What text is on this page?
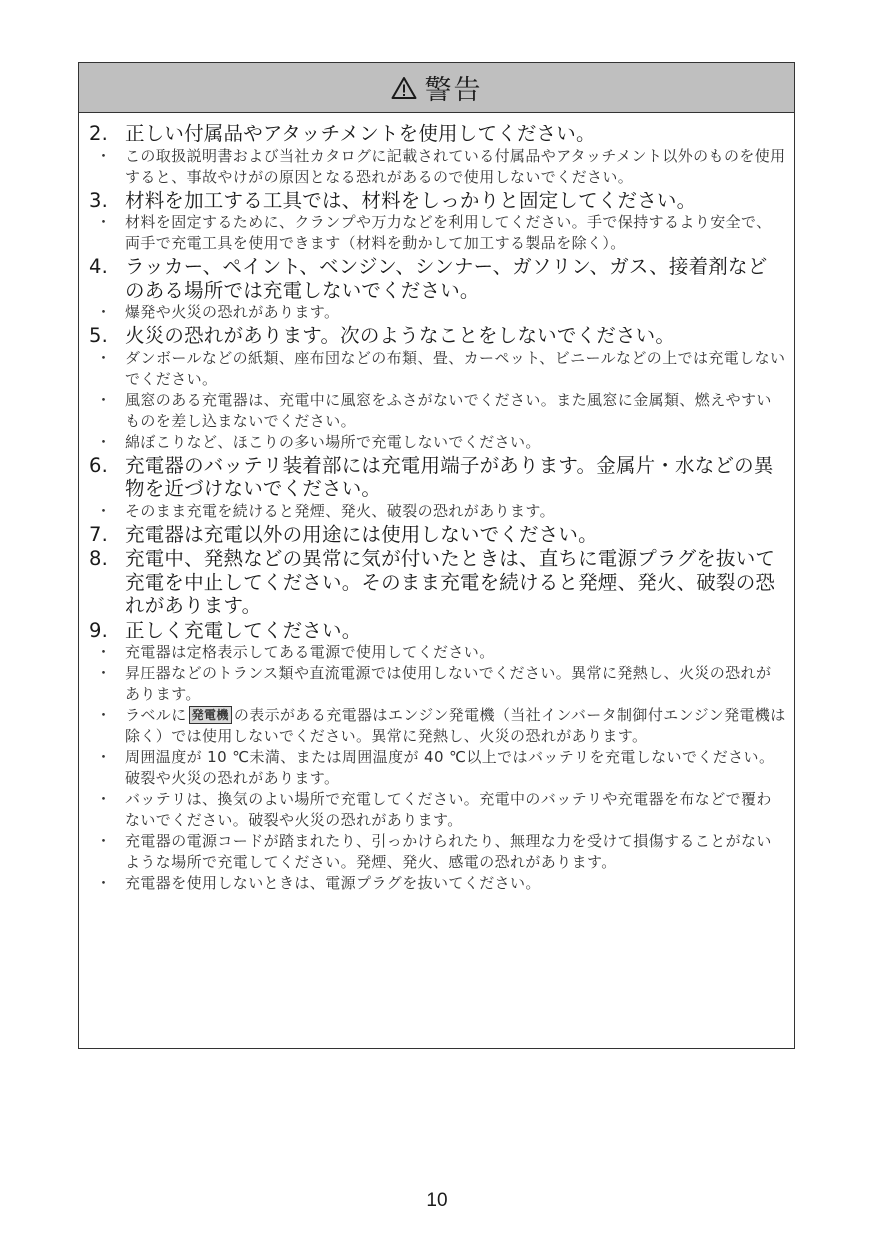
警告
2. 正しい付属品やアタッチメントを使用してください。
・ この取扱説明書および当社カタログに記載されている付属品やアタッチメント以外のものを使用すると、事故やけがの原因となる恐れがあるので使用しないでください。
3. 材料を加工する工具では、材料をしっかりと固定してください。
・ 材料を固定するために、クランプや万力などを利用してください。手で保持するより安全で、両手で充電工具を使用できます（材料を動かして加工する製品を除く）。
4. ラッカー、ペイント、ベンジン、シンナー、ガソリン、ガス、接着剤などのある場所では充電しないでください。
・ 爆発や火災の恐れがあります。
5. 火災の恐れがあります。次のようなことをしないでください。
・ ダンボールなどの紙類、座布団などの布類、畳、カーペット、ビニールなどの上では充電しないでください。
・ 風窓のある充電器は、充電中に風窓をふさがないでください。また風窓に金属類、燃えやすいものを差し込まないでください。
・ 綿ぼこりなど、ほこりの多い場所で充電しないでください。
6. 充電器のバッテリ装着部には充電用端子があります。金属片・水などの異物を近づけないでください。
・ そのまま充電を続けると発煙、発火、破裂の恐れがあります。
7. 充電器は充電以外の用途には使用しないでください。
8. 充電中、発熱などの異常に気が付いたときは、直ちに電源プラグを抜いて充電を中止してください。そのまま充電を続けると発煙、発火、破裂の恐れがあります。
9. 正しく充電してください。
・ 充電器は定格表示してある電源で使用してください。
・ 昇圧器などのトランス類や直流電源では使用しないでください。異常に発熱し、火災の恐れがあります。
・ ラベルに 発電機 の表示がある充電器はエンジン発電機（当社インバータ制御付エンジン発電機は除く）では使用しないでください。異常に発熱し、火災の恐れがあります。
・ 周囲温度が 10 ℃未満、または周囲温度が 40 ℃以上ではバッテリを充電しないでください。破裂や火災の恐れがあります。
・ バッテリは、換気のよい場所で充電してください。充電中のバッテリや充電器を布などで覆わないでください。破裂や火災の恐れがあります。
・ 充電器の電源コードが踏まれたり、引っかけられたり、無理な力を受けて損傷することがないような場所で充電してください。発煙、発火、感電の恐れがあります。
・ 充電器を使用しないときは、電源プラグを抜いてください。
10
